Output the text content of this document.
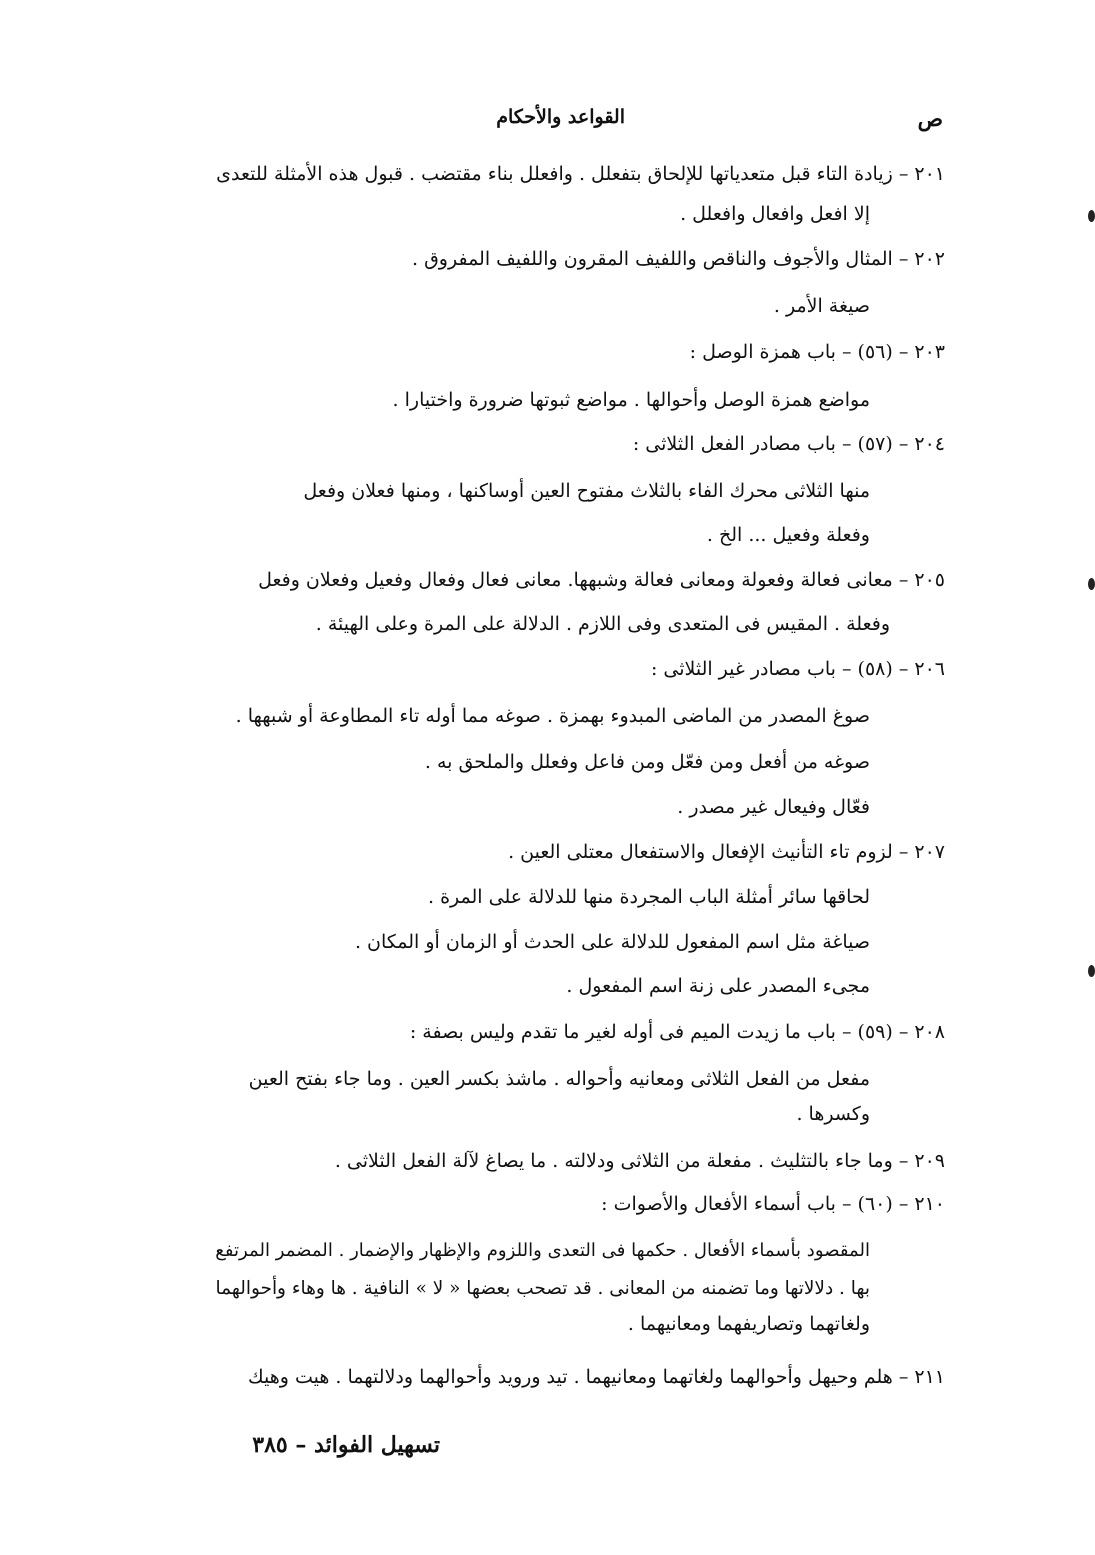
ص
القواعد والأحكام
٢٠١ – زيادة التاء قبل متعدياتها للإلحاق بتفعلل . وافعلل بناء مقتضب . قبول هذه الأمثلة للتعدى
إلا افعل وافعال وافعلل .
٢٠٢ – المثال والأجوف والناقص واللفيف المقرون واللفيف المفروق .
صيغة الأمر .
٢٠٣ – (٥٦) – باب همزة الوصل :
مواضع همزة الوصل وأحوالها . مواضع ثبوتها ضرورة واختيارا .
٢٠٤ – (٥٧) – باب مصادر الفعل الثلاثى :
منها الثلاثى محرك الفاء بالثلاث مفتوح العين أوساكنها ، ومنها فعلان وفعل
وفعلة وفعيل ... الخ .
٢٠٥ – معانى فعالة وفعولة ومعانى فعالة وشبهها. معانى فعال وفعال وفعيل وفعلان وفعل
وفعلة . المقيس فى المتعدى وفى اللازم . الدلالة على المرة وعلى الهيئة .
٢٠٦ – (٥٨) – باب مصادر غير الثلاثى :
صوغ المصدر من الماضى المبدوء بهمزة . صوغه مما أوله تاء المطاوعة أو شبهها .
صوغه من أفعل ومن فعّل ومن فاعل وفعلل والملحق به .
فعّال وفيعال غير مصدر .
٢٠٧ – لزوم تاء التأنيث الإفعال والاستفعال معتلى العين .
لحاقها سائر أمثلة الباب المجردة منها للدلالة على المرة .
صياغة مثل اسم المفعول للدلالة على الحدث أو الزمان أو المكان .
مجىء المصدر على زنة اسم المفعول .
٢٠٨ – (٥٩) – باب ما زيدت الميم فى أوله لغير ما تقدم وليس بصفة :
مفعل من الفعل الثلاثى ومعانيه وأحواله . ماشذ بكسر العين . وما جاء بفتح العين
وكسرها .
٢٠٩ – وما جاء بالتثليث . مفعلة من الثلاثى ودلالته . ما يصاغ لآلة الفعل الثلاثى .
٢١٠ – (٦٠) – باب أسماء الأفعال والأصوات :
المقصود بأسماء الأفعال . حكمها فى التعدى واللزوم والإظهار والإضمار . المضمر المرتفع
بها . دلالاتها وما تضمنه من المعانى . قد تصحب بعضها « لا » النافية . ها وهاء وأحوالهما
ولغاتهما وتصاريفهما ومعانيهما .
٢١١ – هلم وحيهل وأحوالهما ولغاتهما ومعانيهما . تيد ورويد وأحوالهما ودلالتهما . هيت وهيك
تسهيل الفوائد – ٣٨٥
